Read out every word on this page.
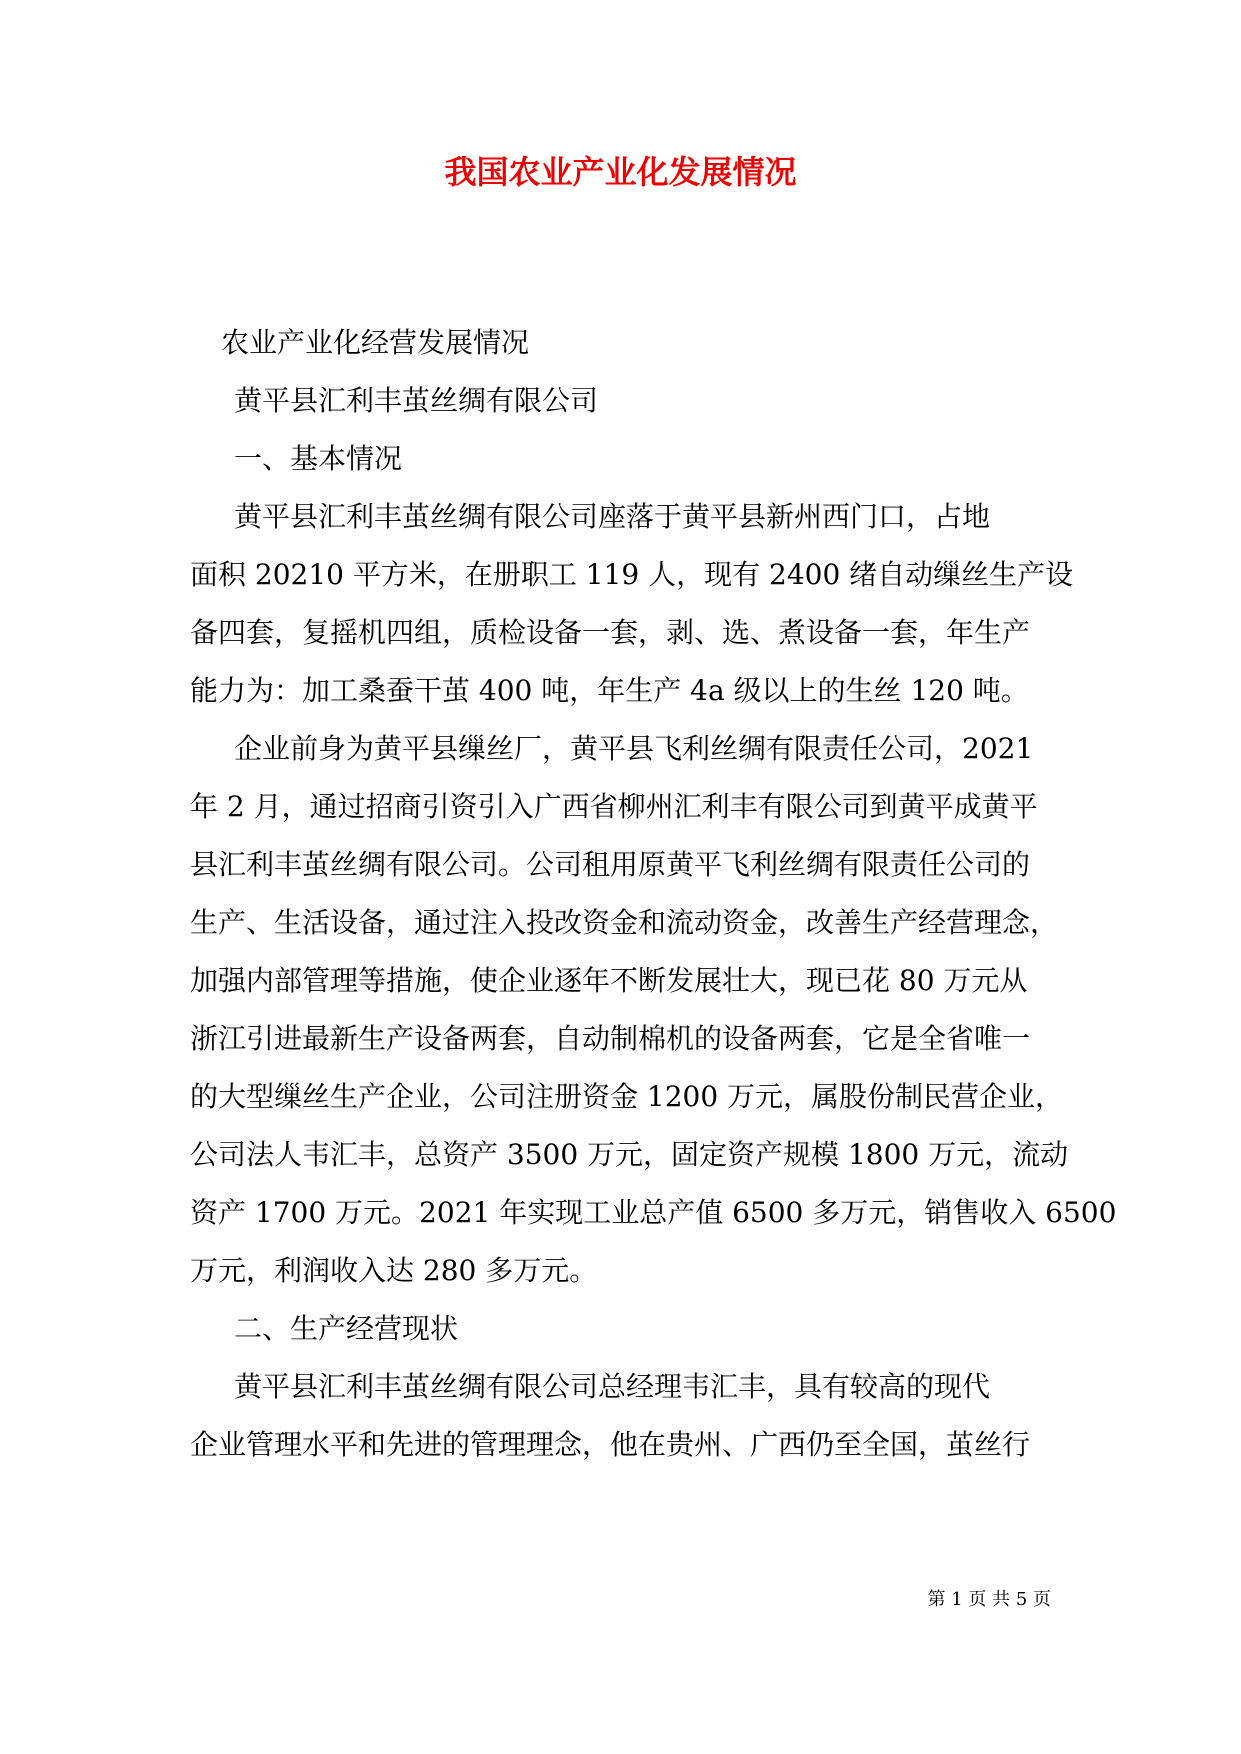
我国农业产业化发展情况
农业产业化经营发展情况
黄平县汇利丰茧丝绸有限公司
一、基本情况
黄平县汇利丰茧丝绸有限公司座落于黄平县新州西门口，占地
面积 20210 平方米，在册职工 119 人，现有 2400 绪自动缫丝生产设
备四套，复摇机四组，质检设备一套，剥、选、煮设备一套，年生产
能力为：加工桑蚕干茧 400 吨，年生产 4a 级以上的生丝 120 吨。
企业前身为黄平县缫丝厂，黄平县飞利丝绸有限责任公司，2021
年 2 月，通过招商引资引入广西省柳州汇利丰有限公司到黄平成黄平
县汇利丰茧丝绸有限公司。公司租用原黄平飞利丝绸有限责任公司的
生产、生活设备，通过注入投改资金和流动资金，改善生产经营理念，
加强内部管理等措施，使企业逐年不断发展壮大，现已花 80 万元从
浙江引进最新生产设备两套，自动制棉机的设备两套，它是全省唯一
的大型缫丝生产企业，公司注册资金 1200 万元，属股份制民营企业，
公司法人韦汇丰，总资产 3500 万元，固定资产规模 1800 万元，流动
资产 1700 万元。2021 年实现工业总产值 6500 多万元，销售收入 6500
万元，利润收入达 280 多万元。
二、生产经营现状
黄平县汇利丰茧丝绸有限公司总经理韦汇丰，具有较高的现代
企业管理水平和先进的管理理念，他在贵州、广西仍至全国，茧丝行
第 1 页 共 5 页
